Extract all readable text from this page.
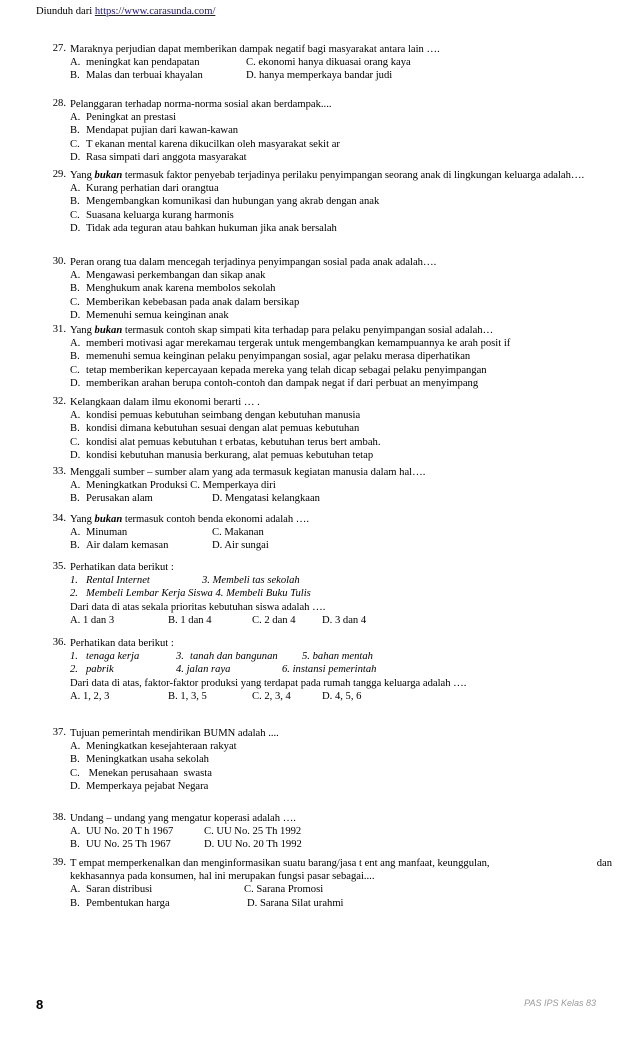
Diunduh dari https://www.carasunda.com/
27. Maraknya perjudian dapat memberikan dampak negatif bagi masyarakat antara lain ….
A. meningkat kan pendapatan	C. ekonomi hanya dikuasai orang kaya
B. Malas dan terbuai khayalan	D. hanya memperkaya bandar judi
28. Pelanggaran terhadap norma-norma sosial akan berdampak....
A. Peningkat an prestasi
B. Mendapat pujian dari kawan-kawan
C. T ekanan mental karena dikucilkan oleh masyarakat sekit ar
D. Rasa simpati dari anggota masyarakat
29. Yang bukan termasuk faktor penyebab terjadinya perilaku penyimpangan seorang anak di lingkungan keluarga adalah….
A. Kurang perhatian dari orangtua
B. Mengembangkan komunikasi dan hubungan yang akrab dengan anak
C. Suasana keluarga kurang harmonis
D. Tidak ada teguran atau bahkan hukuman jika anak bersalah
30. Peran orang tua dalam mencegah terjadinya penyimpangan sosial pada anak adalah….
A. Mengawasi perkembangan dan sikap anak
B. Menghukum anak karena membolos sekolah
C. Memberikan kebebasan pada anak dalam bersikap
D. Memenuhi semua keinginan anak
31. Yang bukan termasuk contoh skap simpati kita terhadap para pelaku penyimpangan sosial adalah…
A. memberi motivasi agar merekamau tergerak untuk mengembangkan kemampuannya ke arah posit if
B. memenuhi semua keinginan pelaku penyimpangan sosial, agar pelaku merasa diperhatikan
C. tetap memberikan kepercayaan kepada mereka yang telah dicap sebagai pelaku penyimpangan
D. memberikan arahan berupa contoh-contoh dan dampak negat if dari perbuat an menyimpang
32. Kelangkaan dalam ilmu ekonomi berarti … .
A. kondisi pemuas kebutuhan seimbang dengan kebutuhan manusia
B. kondisi dimana kebutuhan sesuai dengan alat pemuas kebutuhan
C. kondisi alat pemuas kebutuhan t erbatas, kebutuhan terus bert ambah.
D. kondisi kebutuhan manusia berkurang, alat pemuas kebutuhan tetap
33. Menggali sumber – sumber alam yang ada termasuk kegiatan manusia dalam hal….
A. Meningkatkan Produksi C. Memperkaya diri
B. Perusakan alam	D. Mengatasi kelangkaan
34. Yang bukan termasuk contoh benda ekonomi adalah ….
A. Minuman	C. Makanan
B. Air dalam kemasan	D. Air sungai
35. Perhatikan data berikut :
1. Rental Internet	3. Membeli tas sekolah
2. Membeli Lembar Kerja Siswa 4. Membeli Buku Tulis
Dari data di atas sekala prioritas kebutuhan siswa adalah ….
A. 1 dan 3	B. 1 dan 4	C. 2 dan 4	D. 3 dan 4
36. Perhatikan data berikut :
1. tenaga kerja	3. tanah dan bangunan	5. bahan mentah
2. pabrik	4. jalan raya	6. instansi pemerintah
Dari data di atas, faktor-faktor produksi yang terdapat pada rumah tangga keluarga adalah ….
A. 1, 2, 3	B. 1, 3, 5	C. 2, 3, 4	D. 4, 5, 6
37. Tujuan pemerintah mendirikan BUMN adalah ....
A. Meningkatkan kesejahteraan rakyat
B. Meningkatkan usaha sekolah
C. Menekan perusahaan  swasta
D. Memperkaya pejabat Negara
38. Undang – undang yang mengatur koperasi adalah ….
A. UU No. 20 T h 1967	C. UU No. 25 Th 1992
B. UU No. 25 Th 1967	D. UU No. 20 Th 1992
39. T empat memperkenalkan dan menginformasikan suatu barang/jasa t ent ang manfaat, keunggulan,	dan
kekhasannya pada konsumen, hal ini merupakan fungsi pasar sebagai....
A. Saran distribusi	C. Sarana Promosi
B. Pembentukan harga	D. Sarana Silat urahmi
8	PAS IPS Kelas 83
